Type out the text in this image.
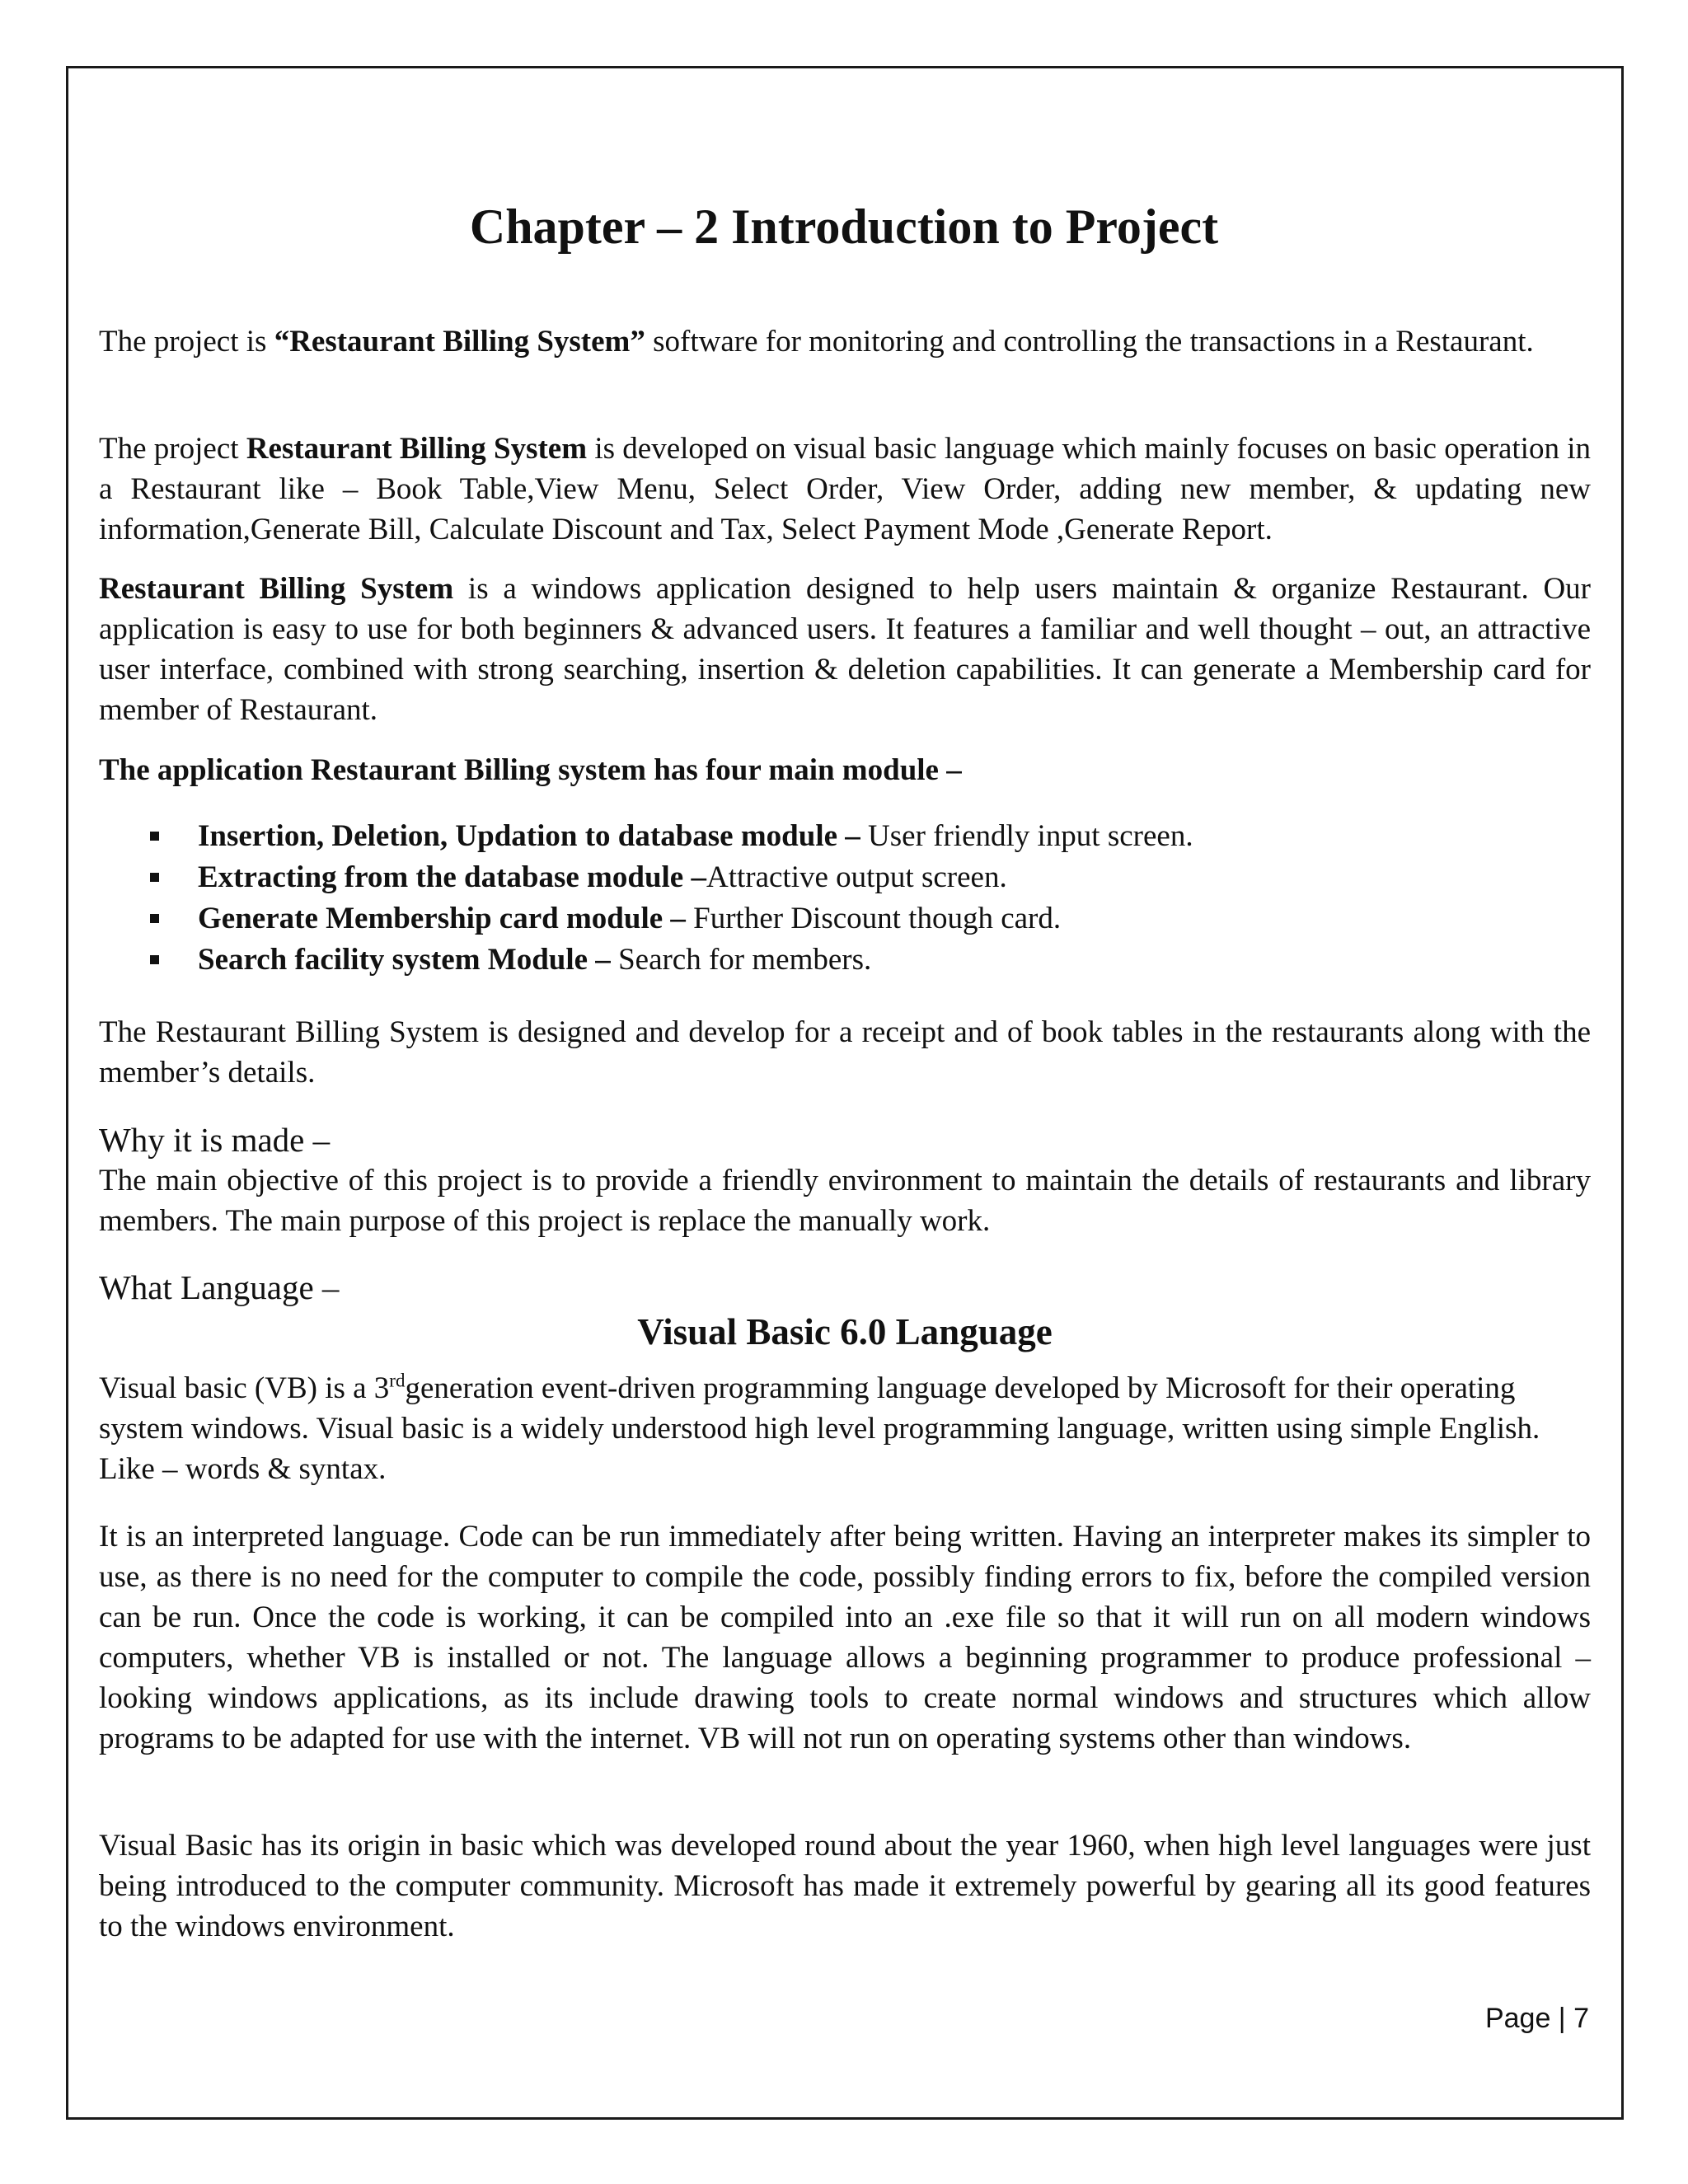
Chapter – 2 Introduction to Project

The project is “Restaurant Billing System” software for monitoring and controlling the transactions in a Restaurant.

The project Restaurant Billing System is developed on visual basic language which mainly focuses on basic operation in a Restaurant like – Book Table,View Menu, Select Order, View Order, adding new member, & updating new information,Generate Bill, Calculate Discount and Tax, Select Payment Mode ,Generate Report.

Restaurant Billing System is a windows application designed to help users maintain & organize Restaurant. Our application is easy to use for both beginners & advanced users. It features a familiar and well thought – out, an attractive user interface, combined with strong searching, insertion & deletion capabilities. It can generate a Membership card for member of Restaurant.

The application Restaurant Billing system has four main module –

Insertion, Deletion, Updation to database module – User friendly input screen.
Extracting from the database module –Attractive output screen.
Generate Membership card module – Further Discount though card.
Search facility system Module – Search for members.

The Restaurant Billing System is designed and develop for a receipt and of book tables in the restaurants along with the member’s details.

Why it is made –

The main objective of this project is to provide a friendly environment to maintain the details of restaurants and library members. The main purpose of this project is replace the manually work.

What Language –

Visual Basic 6.0 Language

Visual basic (VB) is a 3rdgeneration event-driven programming language developed by Microsoft for their operating system windows. Visual basic is a widely understood high level programming language, written using simple English. Like – words & syntax.

It is an interpreted language. Code can be run immediately after being written. Having an interpreter makes its simpler to use, as there is no need for the computer to compile the code, possibly finding errors to fix, before the compiled version can be run. Once the code is working, it can be compiled into an .exe file so that it will run on all modern windows computers, whether VB is installed or not. The language allows a beginning programmer to produce professional – looking windows applications, as its include drawing tools to create normal windows and structures which allow programs to be adapted for use with the internet. VB will not run on operating systems other than windows.

Visual Basic has its origin in basic which was developed round about the year 1960, when high level languages were just being introduced to the computer community. Microsoft has made it extremely powerful by gearing all its good features to the windows environment.

Page | 7
